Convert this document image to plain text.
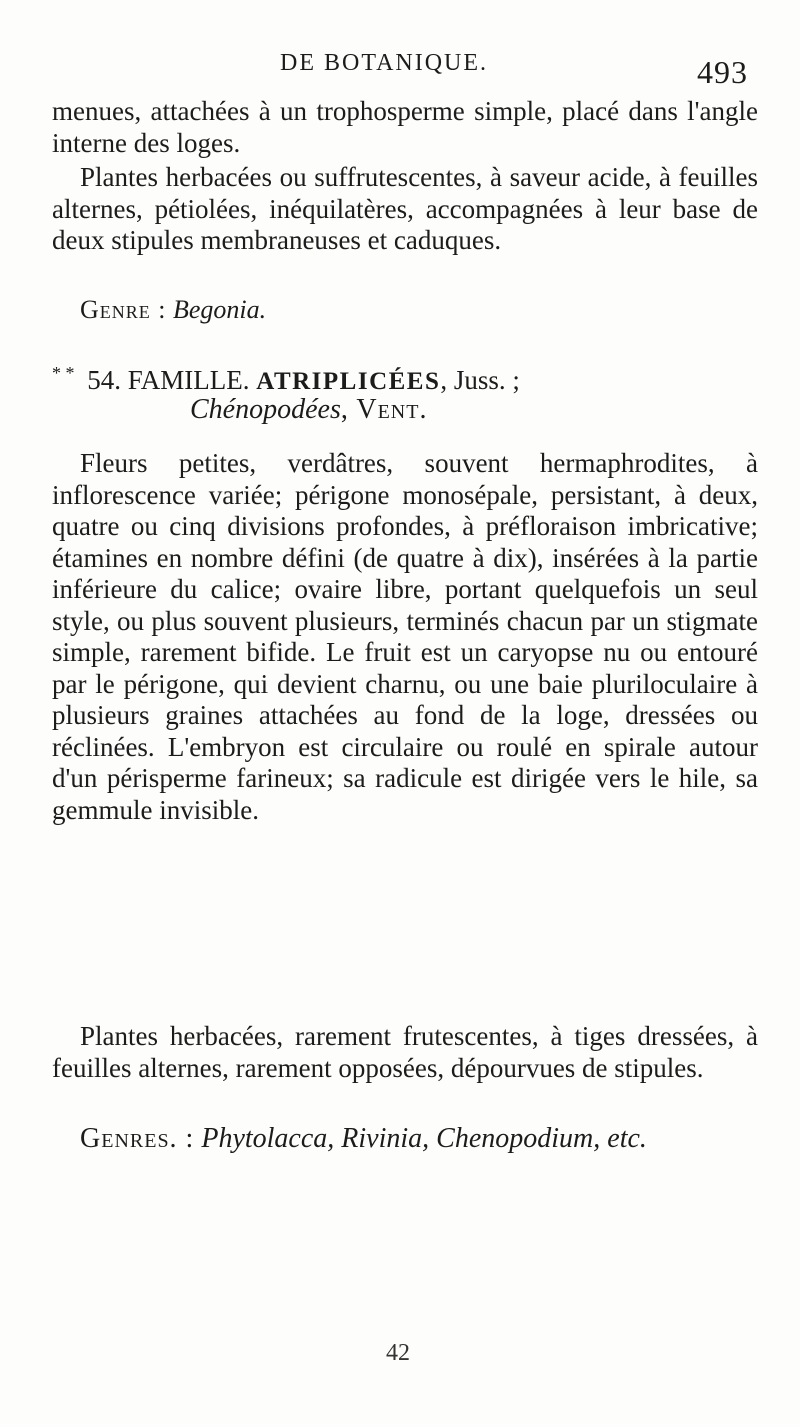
DE BOTANIQUE.	493

menues, attachées à un trophosperme simple, placé dans l'angle interne des loges.

Plantes herbacées ou suffrutescentes, à saveur acide, à feuilles alternes, pétiolées, inéquilatères, accompagnées à leur base de deux stipules membraneuses et caduques.

Genre : Begonia.

* * 54. FAMILLE. ATRIPLICÉES, Juss. ;
Chénopodées, Vent.

Fleurs petites, verdâtres, souvent hermaphrodites, à inflorescence variée; périgone monosépale, persistant, à deux, quatre ou cinq divisions profondes, à préfloraison imbricative; étamines en nombre défini (de quatre à dix), insérées à la partie inférieure du calice; ovaire libre, portant quelquefois un seul style, ou plus souvent plusieurs, terminés chacun par un stigmate simple, rarement bifide. Le fruit est un caryopse nu ou entouré par le périgone, qui devient charnu, ou une baie pluriloculaire à plusieurs graines attachées au fond de la loge, dressées ou réclinées. L'embryon est circulaire ou roulé en spirale autour d'un périsperme farineux; sa radicule est dirigée vers le hile, sa gemmule invisible.

Plantes herbacées, rarement frutescentes, à tiges dressées, à feuilles alternes, rarement opposées, dépourvues de stipules.

Genres. : Phytolacca, Rivinia, Chenopodium, etc.

42
